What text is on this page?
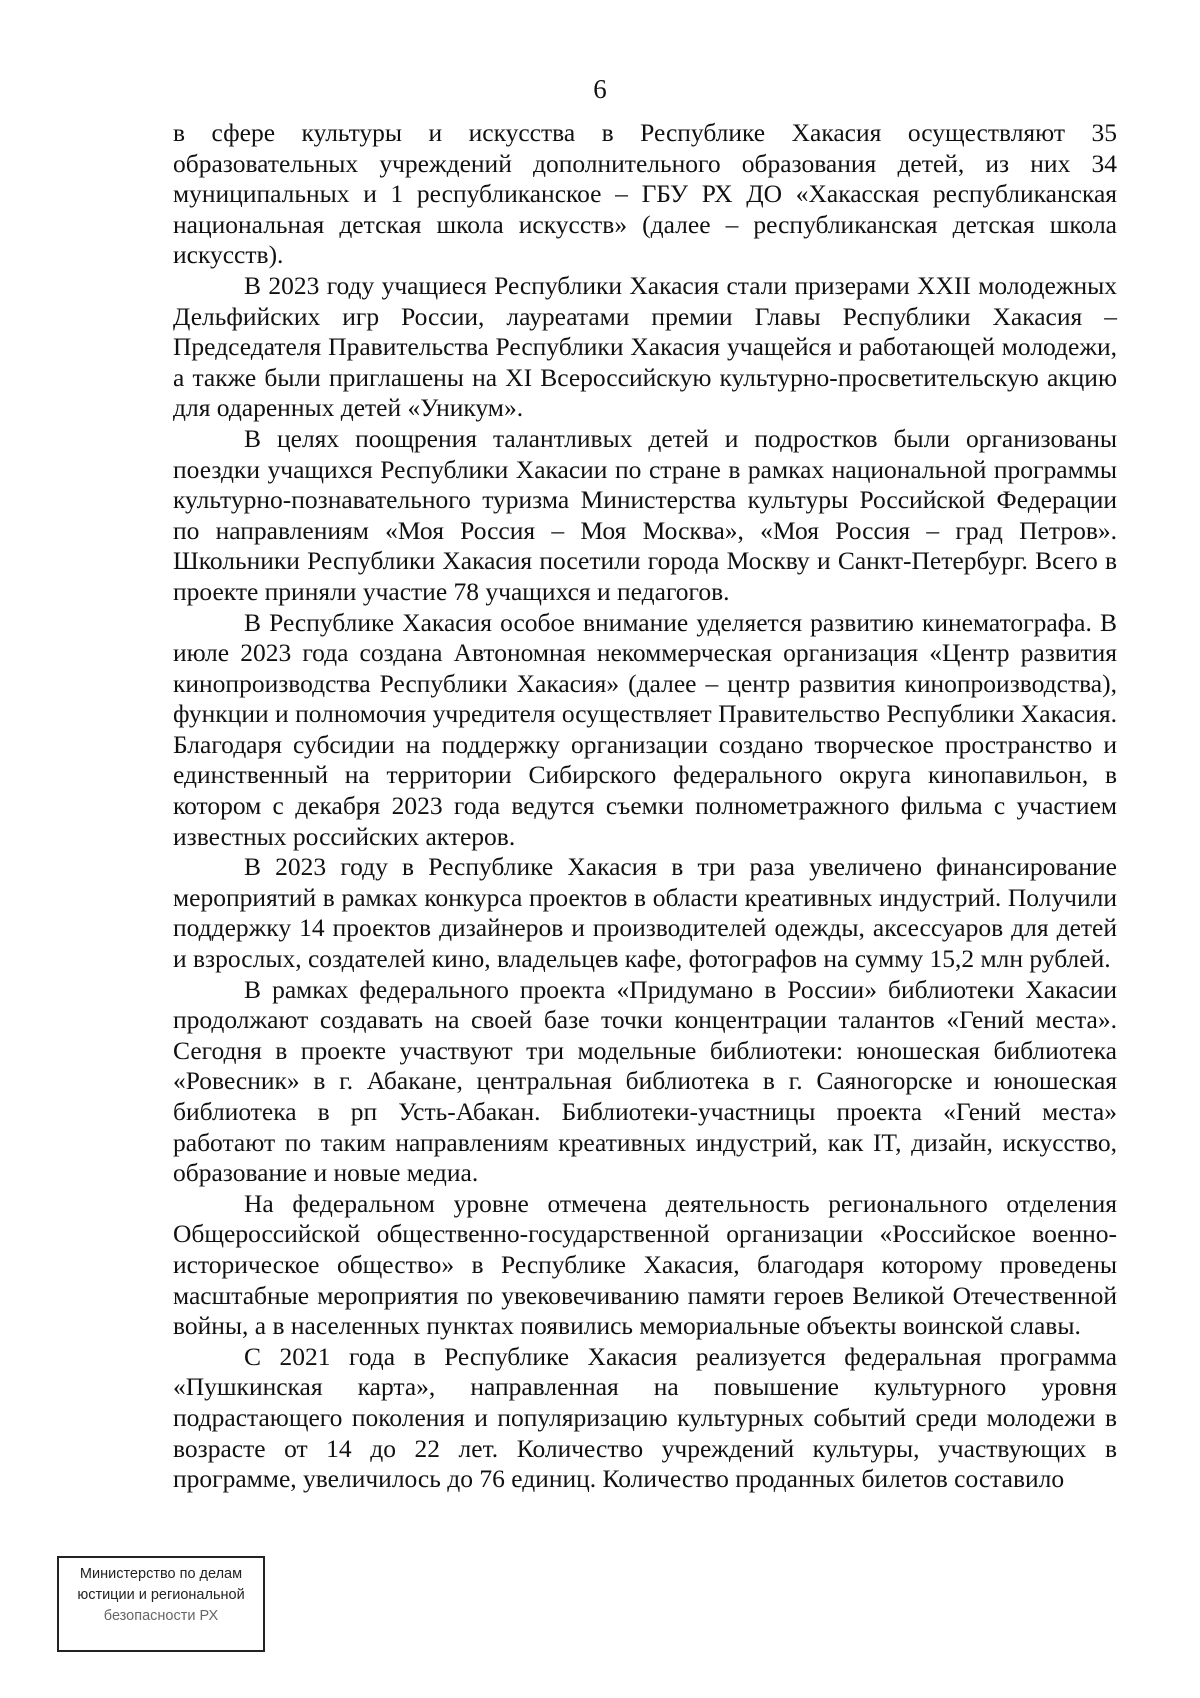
6

в сфере культуры и искусства в Республике Хакасия осуществляют 35 образовательных учреждений дополнительного образования детей, из них 34 муниципальных и 1 республиканское – ГБУ РХ ДО «Хакасская республиканская национальная детская школа искусств» (далее – республиканская детская школа искусств).

В 2023 году учащиеся Республики Хакасия стали призерами XXII молодежных Дельфийских игр России, лауреатами премии Главы Республики Хакасия – Председателя Правительства Республики Хакасия учащейся и работающей молодежи, а также были приглашены на XI Всероссийскую культурно-просветительскую акцию для одаренных детей «Уникум».

В целях поощрения талантливых детей и подростков были организованы поездки учащихся Республики Хакасии по стране в рамках национальной программы культурно-познавательного туризма Министерства культуры Российской Федерации по направлениям «Моя Россия – Моя Москва», «Моя Россия – град Петров». Школьники Республики Хакасия посетили города Москву и Санкт-Петербург. Всего в проекте приняли участие 78 учащихся и педагогов.

В Республике Хакасия особое внимание уделяется развитию кинематографа. В июле 2023 года создана Автономная некоммерческая организация «Центр развития кинопроизводства Республики Хакасия» (далее – центр развития кинопроизводства), функции и полномочия учредителя осуществляет Правительство Республики Хакасия. Благодаря субсидии на поддержку организации создано творческое пространство и единственный на территории Сибирского федерального округа кинопавильон, в котором с декабря 2023 года ведутся съемки полнометражного фильма с участием известных российских актеров.

В 2023 году в Республике Хакасия в три раза увеличено финансирование мероприятий в рамках конкурса проектов в области креативных индустрий. Получили поддержку 14 проектов дизайнеров и производителей одежды, аксессуаров для детей и взрослых, создателей кино, владельцев кафе, фотографов на сумму 15,2 млн рублей.

В рамках федерального проекта «Придумано в России» библиотеки Хакасии продолжают создавать на своей базе точки концентрации талантов «Гений места». Сегодня в проекте участвуют три модельные библиотеки: юношеская библиотека «Ровесник» в г. Абакане, центральная библиотека в г. Саяногорске и юношеская библиотека в рп Усть-Абакан. Библиотеки-участницы проекта «Гений места» работают по таким направлениям креативных индустрий, как IT, дизайн, искусство, образование и новые медиа.

На федеральном уровне отмечена деятельность регионального отделения Общероссийской общественно-государственной организации «Российское военно-историческое общество» в Республике Хакасия, благодаря которому проведены масштабные мероприятия по увековечиванию памяти героев Великой Отечественной войны, а в населенных пунктах появились мемориальные объекты воинской славы.

С 2021 года в Республике Хакасия реализуется федеральная программа «Пушкинская карта», направленная на повышение культурного уровня подрастающего поколения и популяризацию культурных событий среди молодежи в возрасте от 14 до 22 лет. Количество учреждений культуры, участвующих в программе, увеличилось до 76 единиц. Количество проданных билетов составило

Министерство по делам
юстиции и региональной
безопасности РХ
